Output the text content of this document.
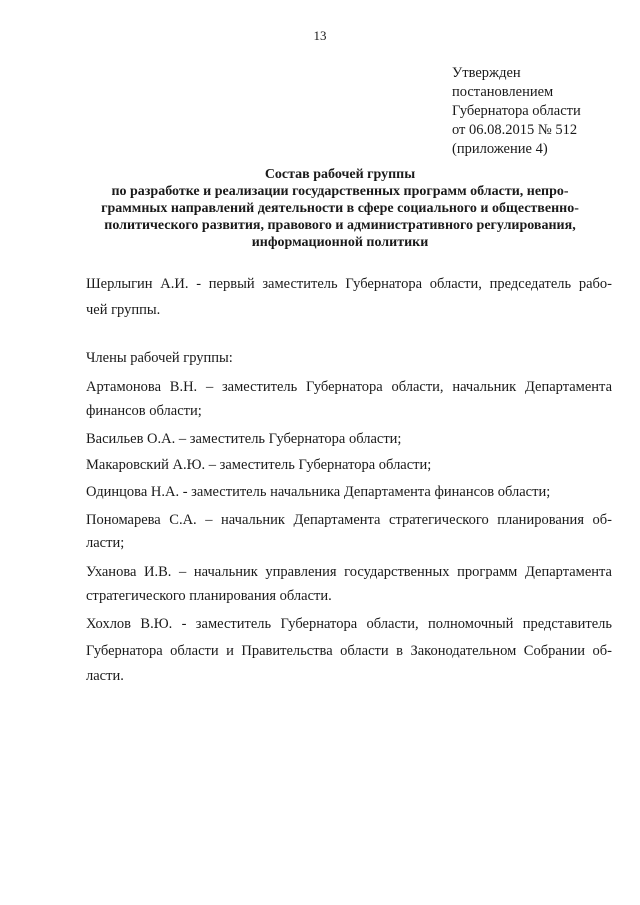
13
Утвержден
постановлением
Губернатора области
от 06.08.2015 № 512
(приложение 4)
Состав рабочей группы
по разработке и реализации государственных программ области, непро-
граммных направлений деятельности в сфере социального и общественно-
политического развития, правового и административного регулирования,
информационной политики
Шерлыгин А.И. - первый заместитель Губернатора области, председатель рабо-
чей группы.
Члены рабочей группы:
Артамонова В.Н. – заместитель Губернатора области, начальник Департамента
финансов области;
Васильев О.А. – заместитель Губернатора области;
Макаровский А.Ю. – заместитель Губернатора области;
Одинцова Н.А. - заместитель начальника Департамента финансов области;
Пономарева С.А. – начальник Департамента стратегического планирования об-
ласти;
Уханова И.В. – начальник управления государственных программ Департамента
стратегического планирования области.
Хохлов В.Ю. - заместитель Губернатора области, полномочный представитель
Губернатора области и Правительства области в Законодательном Собрании об-
ласти.
